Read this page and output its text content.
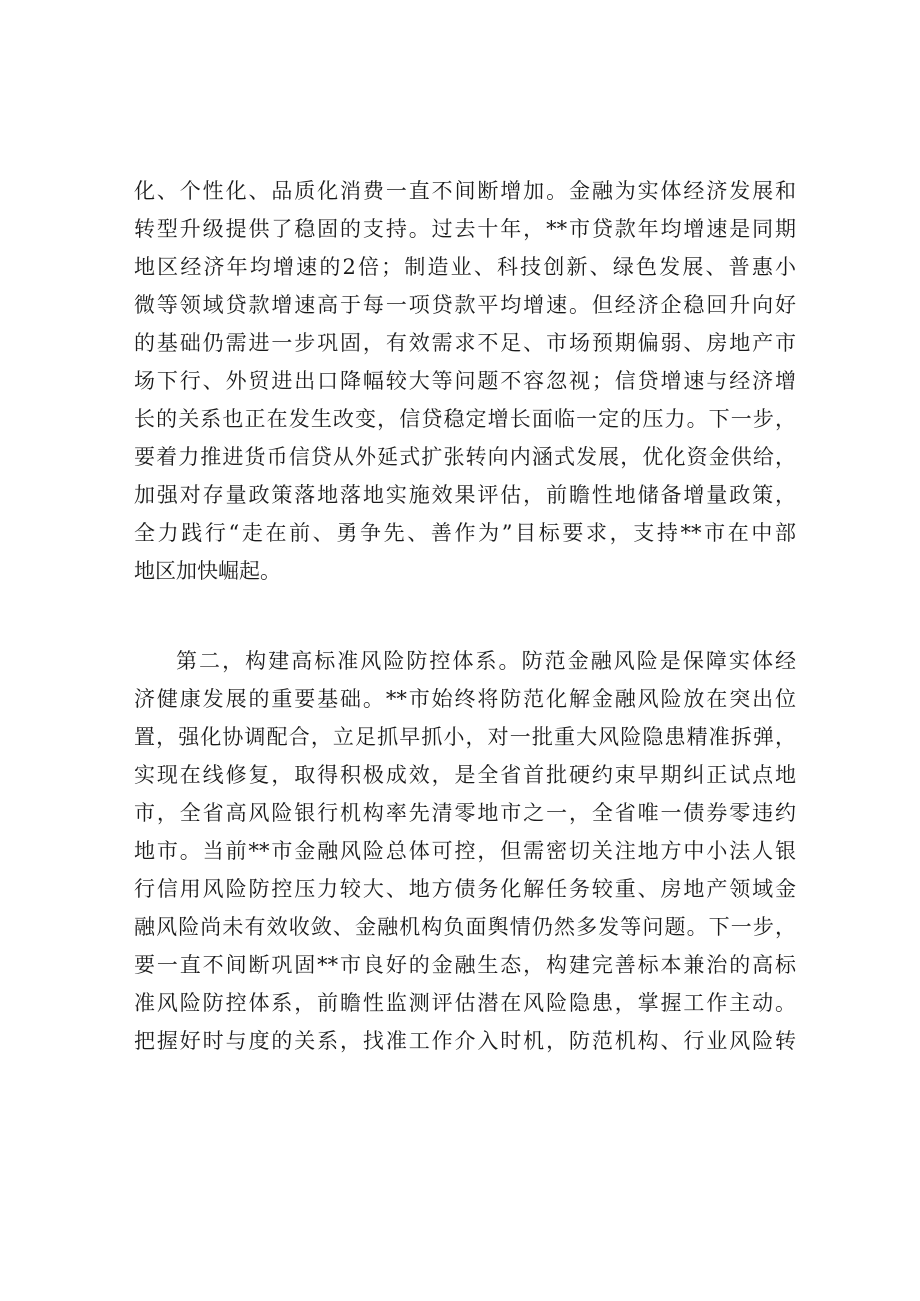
化、个性化、品质化消费一直不间断增加。金融为实体经济发展和
转型升级提供了稳固的支持。过去十年，**市贷款年均增速是同期
地区经济年均增速的2倍；制造业、科技创新、绿色发展、普惠小
微等领域贷款增速高于每一项贷款平均增速。但经济企稳回升向好
的基础仍需进一步巩固，有效需求不足、市场预期偏弱、房地产市
场下行、外贸进出口降幅较大等问题不容忽视；信贷增速与经济增
长的关系也正在发生改变，信贷稳定增长面临一定的压力。下一步，
要着力推进货币信贷从外延式扩张转向内涵式发展，优化资金供给，
加强对存量政策落地落地实施效果评估，前瞻性地储备增量政策，
全力践行“走在前、勇争先、善作为”目标要求，支持**市在中部
地区加快崛起。

第二，构建高标准风险防控体系。防范金融风险是保障实体经
济健康发展的重要基础。**市始终将防范化解金融风险放在突出位
置，强化协调配合，立足抓早抓小，对一批重大风险隐患精准拆弹，
实现在线修复，取得积极成效，是全省首批硬约束早期纠正试点地
市，全省高风险银行机构率先清零地市之一，全省唯一债券零违约
地市。当前**市金融风险总体可控，但需密切关注地方中小法人银
行信用风险防控压力较大、地方债务化解任务较重、房地产领域金
融风险尚未有效收敛、金融机构负面舆情仍然多发等问题。下一步，
要一直不间断巩固**市良好的金融生态，构建完善标本兼治的高标
准风险防控体系，前瞻性监测评估潜在风险隐患，掌握工作主动。
把握好时与度的关系，找准工作介入时机，防范机构、行业风险转
